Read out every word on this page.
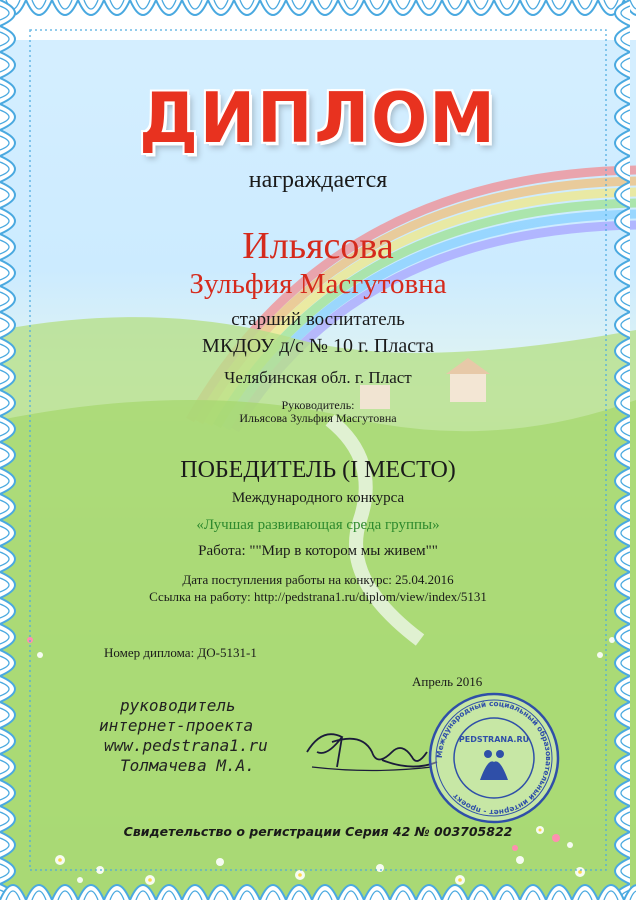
ДИПЛОМ
награждается
Ильясова
Зульфия Масгутовна
старший воспитатель
МКДОУ д/с № 10 г. Пласта
Челябинская обл. г. Пласт
Руководитель:
Ильясова Зульфия Масгутовна
ПОБЕДИТЕЛЬ (I МЕСТО)
Международного конкурса
«Лучшая развивающая среда группы»
Работа: ""Мир в котором мы живем""
Дата поступления работы на конкурс: 25.04.2016
Ссылка на работу: http://pedstrana1.ru/diplom/view/index/5131
Номер диплома: ДО-5131-1
Апрель 2016
руководитель
интернет-проекта
www.pedstrana1.ru
Толмачева М.А.
Международный социальный образовательный интернет - проект
PEDSTRANA.RU
Свидетельство о регистрации Серия 42 № 003705822
